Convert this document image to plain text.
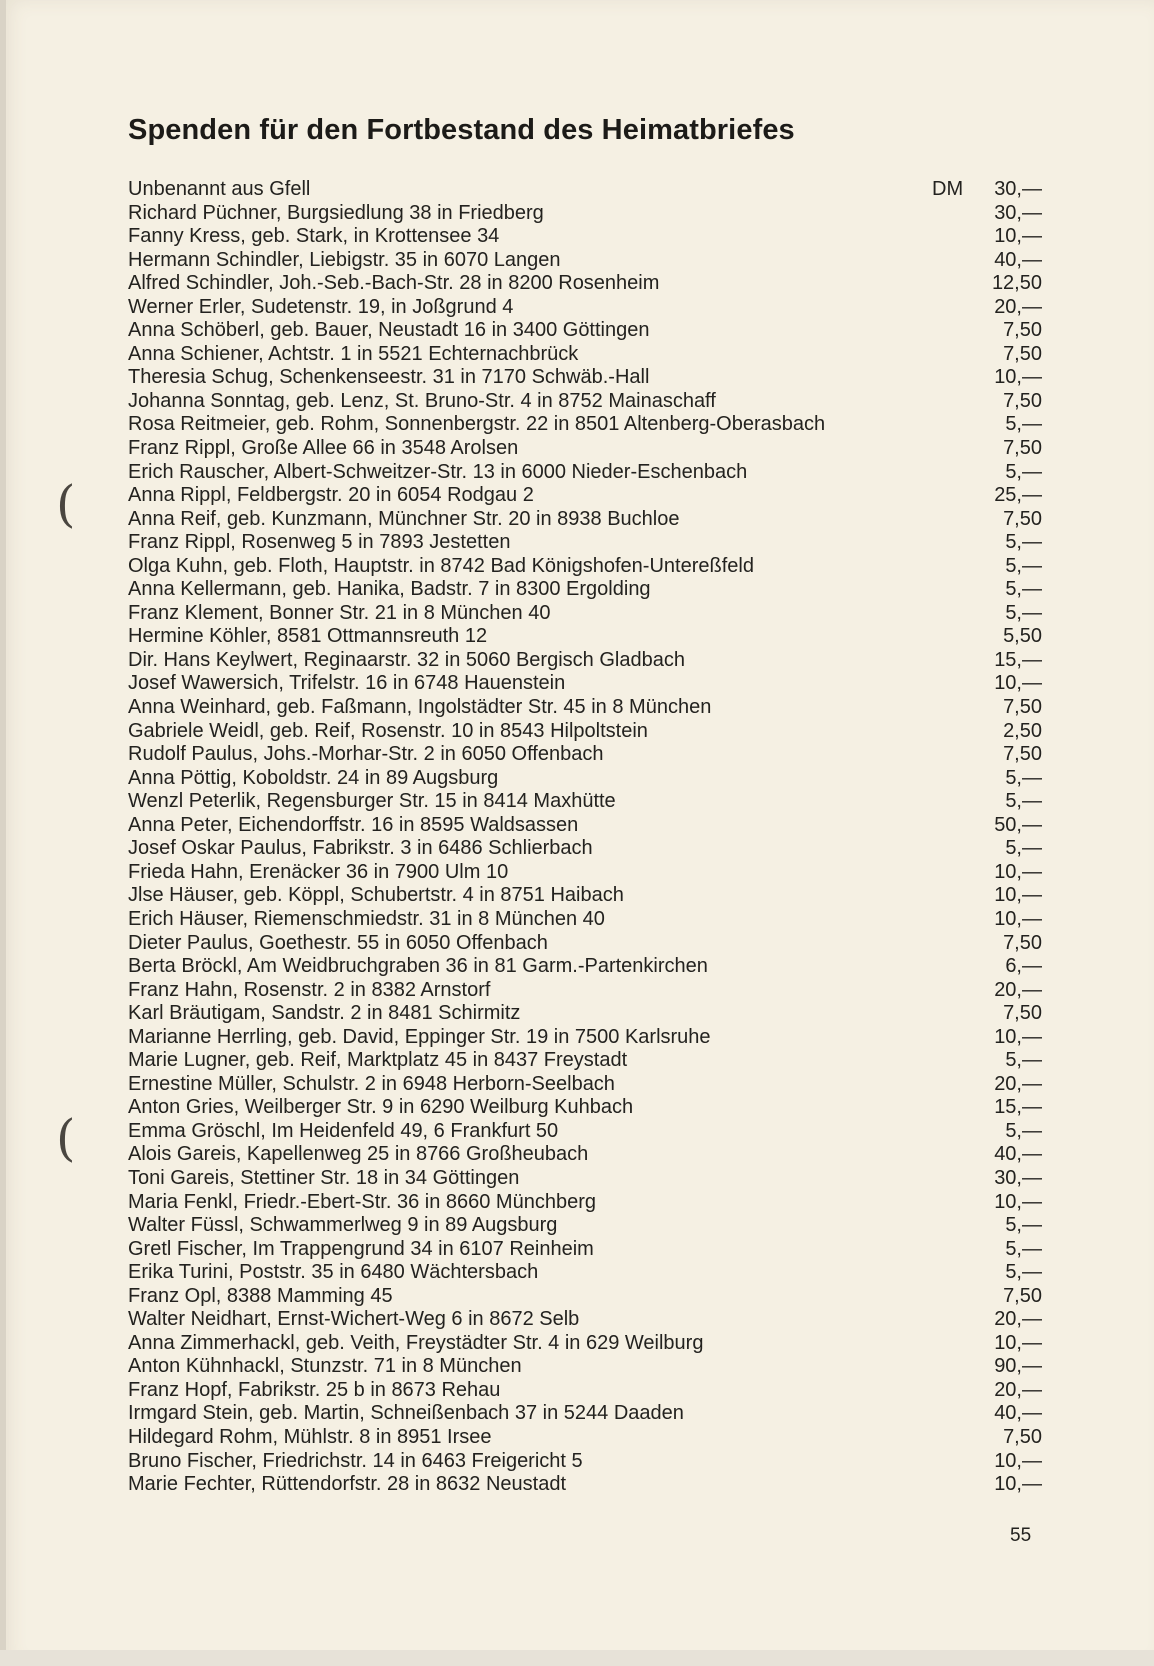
(
(
Spenden für den Fortbestand des Heimatbriefes
Unbenannt aus Gfell	DM	30,—
Richard Püchner, Burgsiedlung 38 in Friedberg	30,—
Fanny Kress, geb. Stark, in Krottensee 34	10,—
Hermann Schindler, Liebigstr. 35 in 6070 Langen	40,—
Alfred Schindler, Joh.-Seb.-Bach-Str. 28 in 8200 Rosenheim	12,50
Werner Erler, Sudetenstr. 19, in Joßgrund 4	20,—
Anna Schöberl, geb. Bauer, Neustadt 16 in 3400 Göttingen	7,50
Anna Schiener, Achtstr. 1 in 5521 Echternachbrück	7,50
Theresia Schug, Schenkenseestr. 31 in 7170 Schwäb.-Hall	10,—
Johanna Sonntag, geb. Lenz, St. Bruno-Str. 4 in 8752 Mainaschaff	7,50
Rosa Reitmeier, geb. Rohm, Sonnenbergstr. 22 in 8501 Altenberg-Oberasbach	5,—
Franz Rippl, Große Allee 66 in 3548 Arolsen	7,50
Erich Rauscher, Albert-Schweitzer-Str. 13 in 6000 Nieder-Eschenbach	5,—
Anna Rippl, Feldbergstr. 20 in 6054 Rodgau 2	25,—
Anna Reif, geb. Kunzmann, Münchner Str. 20 in 8938 Buchloe	7,50
Franz Rippl, Rosenweg 5 in 7893 Jestetten	5,—
Olga Kuhn, geb. Floth, Hauptstr. in 8742 Bad Königshofen-Untereßfeld	5,—
Anna Kellermann, geb. Hanika, Badstr. 7 in 8300 Ergolding	5,—
Franz Klement, Bonner Str. 21 in 8 München 40	5,—
Hermine Köhler, 8581 Ottmannsreuth 12	5,50
Dir. Hans Keylwert, Reginaarstr. 32 in 5060 Bergisch Gladbach	15,—
Josef Wawersich, Trifelstr. 16 in 6748 Hauenstein	10,—
Anna Weinhard, geb. Faßmann, Ingolstädter Str. 45 in 8 München	7,50
Gabriele Weidl, geb. Reif, Rosenstr. 10 in 8543 Hilpoltstein	2,50
Rudolf Paulus, Johs.-Morhar-Str. 2 in 6050 Offenbach	7,50
Anna Pöttig, Koboldstr. 24 in 89 Augsburg	5,—
Wenzl Peterlik, Regensburger Str. 15 in 8414 Maxhütte	5,—
Anna Peter, Eichendorffstr. 16 in 8595 Waldsassen	50,—
Josef Oskar Paulus, Fabrikstr. 3 in 6486 Schlierbach	5,—
Frieda Hahn, Erenäcker 36 in 7900 Ulm 10	10,—
Jlse Häuser, geb. Köppl, Schubertstr. 4 in 8751 Haibach	10,—
Erich Häuser, Riemenschmiedstr. 31 in 8 München 40	10,—
Dieter Paulus, Goethestr. 55 in 6050 Offenbach	7,50
Berta Bröckl, Am Weidbruchgraben 36 in 81 Garm.-Partenkirchen	6,—
Franz Hahn, Rosenstr. 2 in 8382 Arnstorf	20,—
Karl Bräutigam, Sandstr. 2 in 8481 Schirmitz	7,50
Marianne Herrling, geb. David, Eppinger Str. 19 in 7500 Karlsruhe	10,—
Marie Lugner, geb. Reif, Marktplatz 45 in 8437 Freystadt	5,—
Ernestine Müller, Schulstr. 2 in 6948 Herborn-Seelbach	20,—
Anton Gries, Weilberger Str. 9 in 6290 Weilburg Kuhbach	15,—
Emma Gröschl, Im Heidenfeld 49, 6 Frankfurt 50	5,—
Alois Gareis, Kapellenweg 25 in 8766 Großheubach	40,—
Toni Gareis, Stettiner Str. 18 in 34 Göttingen	30,—
Maria Fenkl, Friedr.-Ebert-Str. 36 in 8660 Münchberg	10,—
Walter Füssl, Schwammerlweg 9 in 89 Augsburg	5,—
Gretl Fischer, Im Trappengrund 34 in 6107 Reinheim	5,—
Erika Turini, Poststr. 35 in 6480 Wächtersbach	5,—
Franz Opl, 8388 Mamming 45	7,50
Walter Neidhart, Ernst-Wichert-Weg 6 in 8672 Selb	20,—
Anna Zimmerhackl, geb. Veith, Freystädter Str. 4 in 629 Weilburg	10,—
Anton Kühnhackl, Stunzstr. 71 in 8 München	90,—
Franz Hopf, Fabrikstr. 25 b in 8673 Rehau	20,—
Irmgard Stein, geb. Martin, Schneißenbach 37 in 5244 Daaden	40,—
Hildegard Rohm, Mühlstr. 8 in 8951 Irsee	7,50
Bruno Fischer, Friedrichstr. 14 in 6463 Freigericht 5	10,—
Marie Fechter, Rüttendorfstr. 28 in 8632 Neustadt	10,—
55
